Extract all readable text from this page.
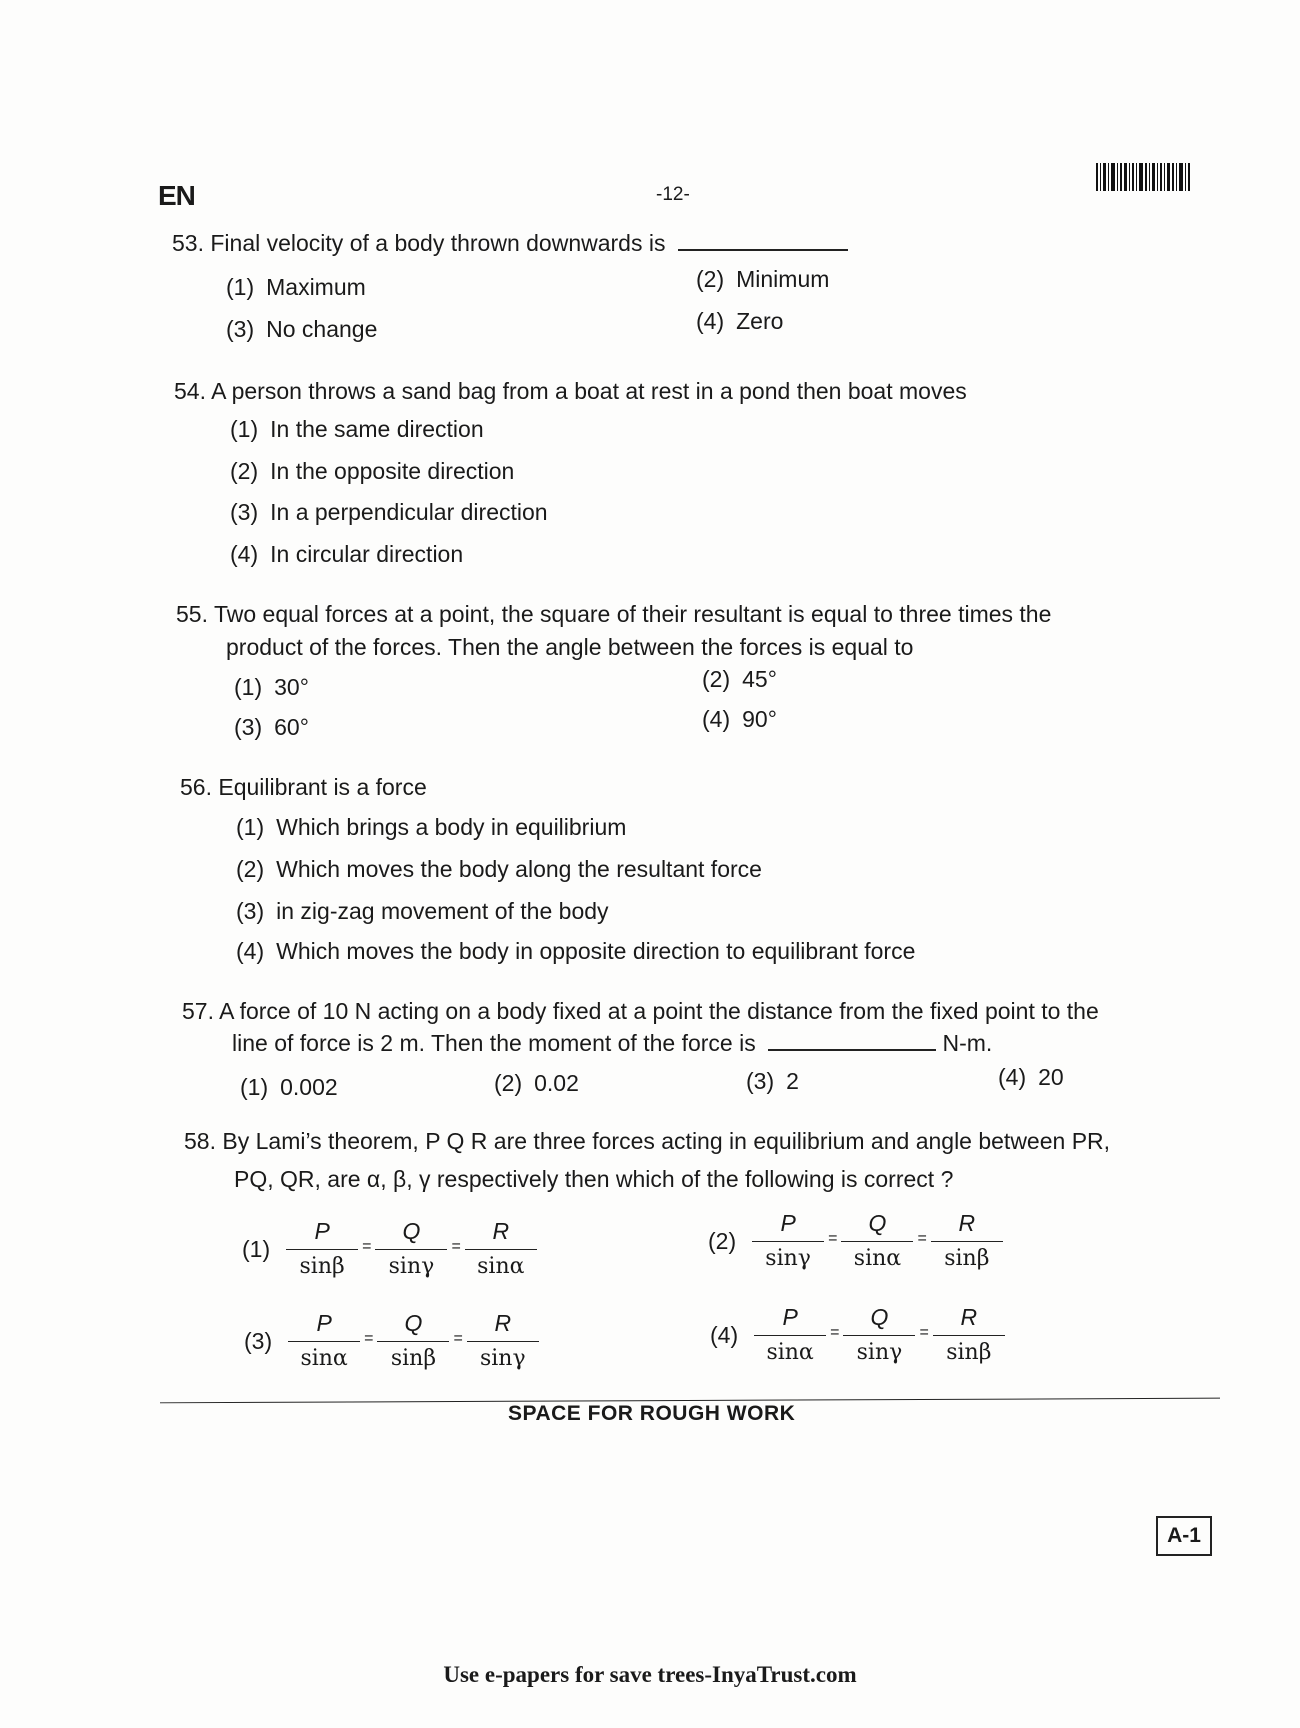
EN	-12-
53. Final velocity of a body thrown downwards is
(1) Maximum	(2) Minimum
(3) No change	(4) Zero
54. A person throws a sand bag from a boat at rest in a pond then boat moves
(1) In the same direction
(2) In the opposite direction
(3) In a perpendicular direction
(4) In circular direction
55. Two equal forces at a point, the square of their resultant is equal to three times the
product of the forces. Then the angle between the forces is equal to
(1) 30°	(2) 45°
(3) 60°	(4) 90°
56. Equilibrant is a force
(1) Which brings a body in equilibrium
(2) Which moves the body along the resultant force
(3) in zig-zag movement of the body
(4) Which moves the body in opposite direction to equilibrant force
57. A force of 10 N acting on a body fixed at a point the distance from the fixed point to the
line of force is 2 m. Then the moment of the force is	N-m.
(1) 0.002	(2) 0.02	(3) 2	(4) 20
58. By Lami’s theorem, P Q R are three forces acting in equilibrium and angle between PR,
PQ, QR, are α, β, γ respectively then which of the following is correct ?
$(1) \frac{P}{\sin\beta} = \frac{Q}{\sin\gamma} = \frac{R}{\sin\alpha}$	$(2) \frac{P}{\sin\gamma} = \frac{Q}{\sin\alpha} = \frac{R}{\sin\beta}$
$(3) \frac{P}{\sin\alpha} = \frac{Q}{\sin\beta} = \frac{R}{\sin\gamma}$	$(4) \frac{P}{\sin\alpha} = \frac{Q}{\sin\gamma} = \frac{R}{\sin\beta}$
SPACE FOR ROUGH WORK
A-1
Use e-papers for save trees-InyaTrust.com
